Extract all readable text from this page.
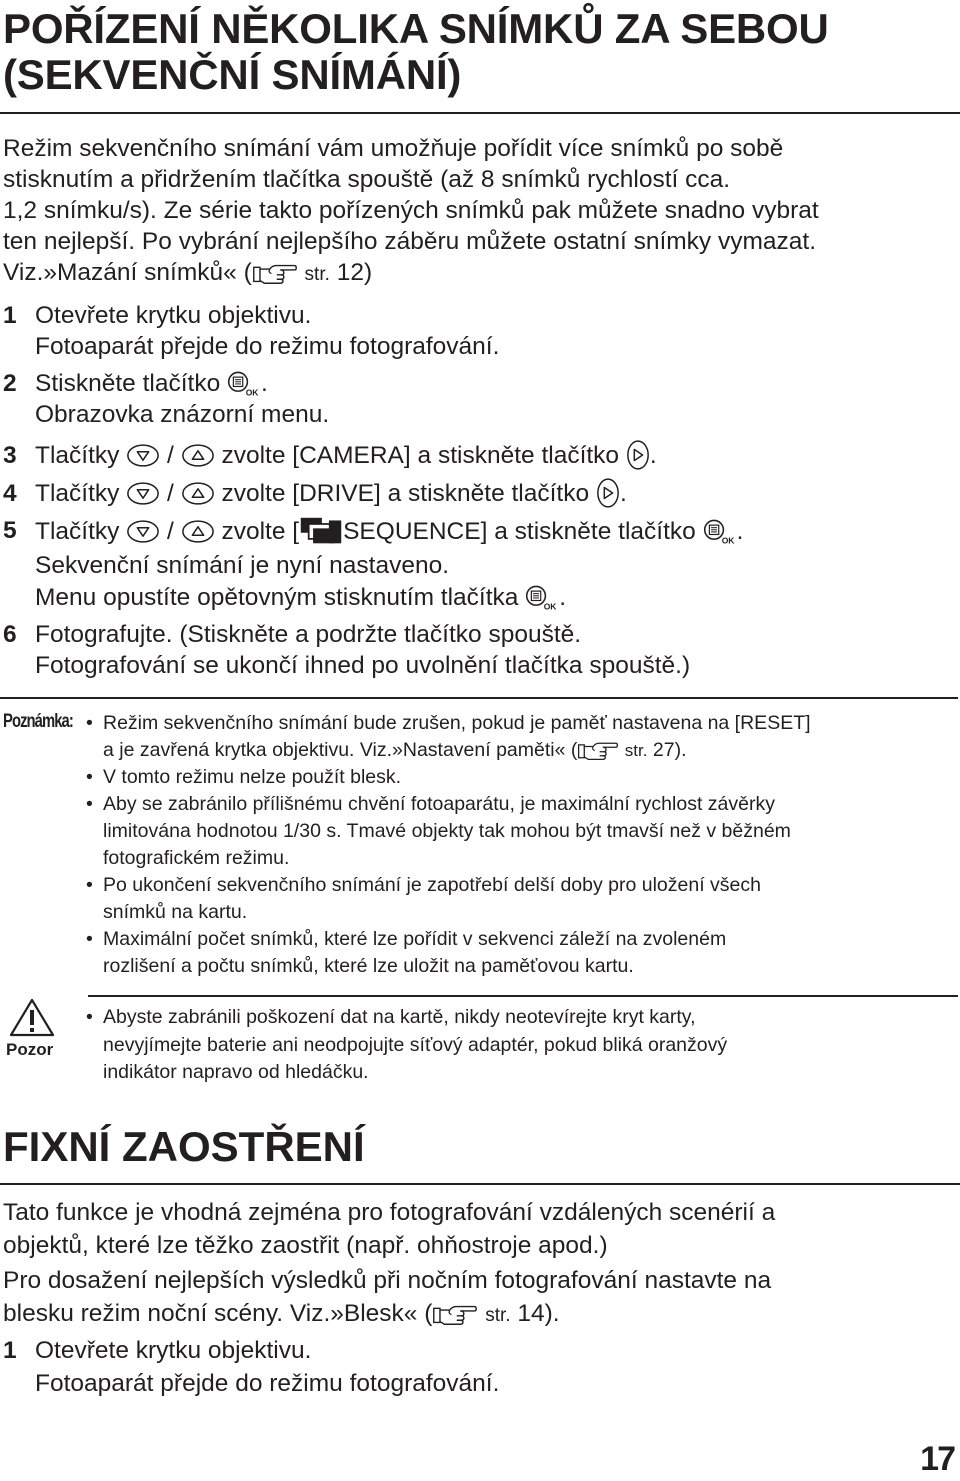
POŘÍZENÍ NĚKOLIKA SNÍMKŮ ZA SEBOU
(SEKVENČNÍ SNÍMÁNÍ)
Režim sekvenčního snímání vám umožňuje pořídit více snímků po sobě
stisknutím a přidržením tlačítka spouště (až 8 snímků rychlostí cca.
1,2 snímku/s). Ze série takto pořízených snímků pak můžete snadno vybrat
ten nejlepší. Po vybrání nejlepšího záběru můžete ostatní snímky vymazat.
Viz.»Mazání snímků« (	str. 12)
1 Otevřete krytku objektivu.
Fotoaparát přejde do režimu fotografování.
2 Stiskněte tlačítko
.
Obrazovka znázorní menu.
3 Tlačítky

/

zvolte [CAMERA] a stiskněte tlačítko
.
4 Tlačítky

/

zvolte [DRIVE] a stiskněte tlačítko
.
5 Tlačítky

/

zvolte [ SEQUENCE] a stiskněte tlačítko
.
Sekvenční snímání je nyní nastaveno.
Menu opustíte opětovným stisknutím tlačítka
.
6 Fotografujte. (Stiskněte a podržte tlačítko spouště.
Fotografování se ukončí ihned po uvolnění tlačítka spouště.)
Poznámka: • Režim sekvenčního snímání bude zrušen, pokud je paměť nastavena na [RESET]
a je zavřená krytka objektivu. Viz.»Nastavení paměti« (	str. 27).
• V tomto režimu nelze použít blesk.
• Aby se zabránilo přílišnému chvění fotoaparátu, je maximální rychlost závěrky
limitována hodnotou 1/30 s. Tmavé objekty tak mohou být tmavší než v běžném
fotografickém režimu.
• Po ukončení sekvenčního snímání je zapotřebí delší doby pro uložení všech
snímků na kartu.
• Maximální počet snímků, které lze pořídit v sekvenci záleží na zvoleném
rozlišení a počtu snímků, které lze uložit na paměťovou kartu.
Pozor
• Abyste zabránili poškození dat na kartě, nikdy neotevírejte kryt karty,
nevyjímejte baterie ani neodpojujte síťový adaptér, pokud bliká oranžový
indikátor napravo od hledáčku.
FIXNÍ ZAOSTŘENÍ

Tato funkce je vhodná zejména pro fotografování vzdálených scenérií a
objektů, které lze těžko zaostřit (např. ohňostroje apod.)

Pro dosažení nejlepších výsledků při nočním fotografování nastavte na
blesku režim noční scény. Viz.»Blesk« (	str. 14).

1 Otevřete krytku objektivu.
Fotoaparát přejde do režimu fotografování.
17
